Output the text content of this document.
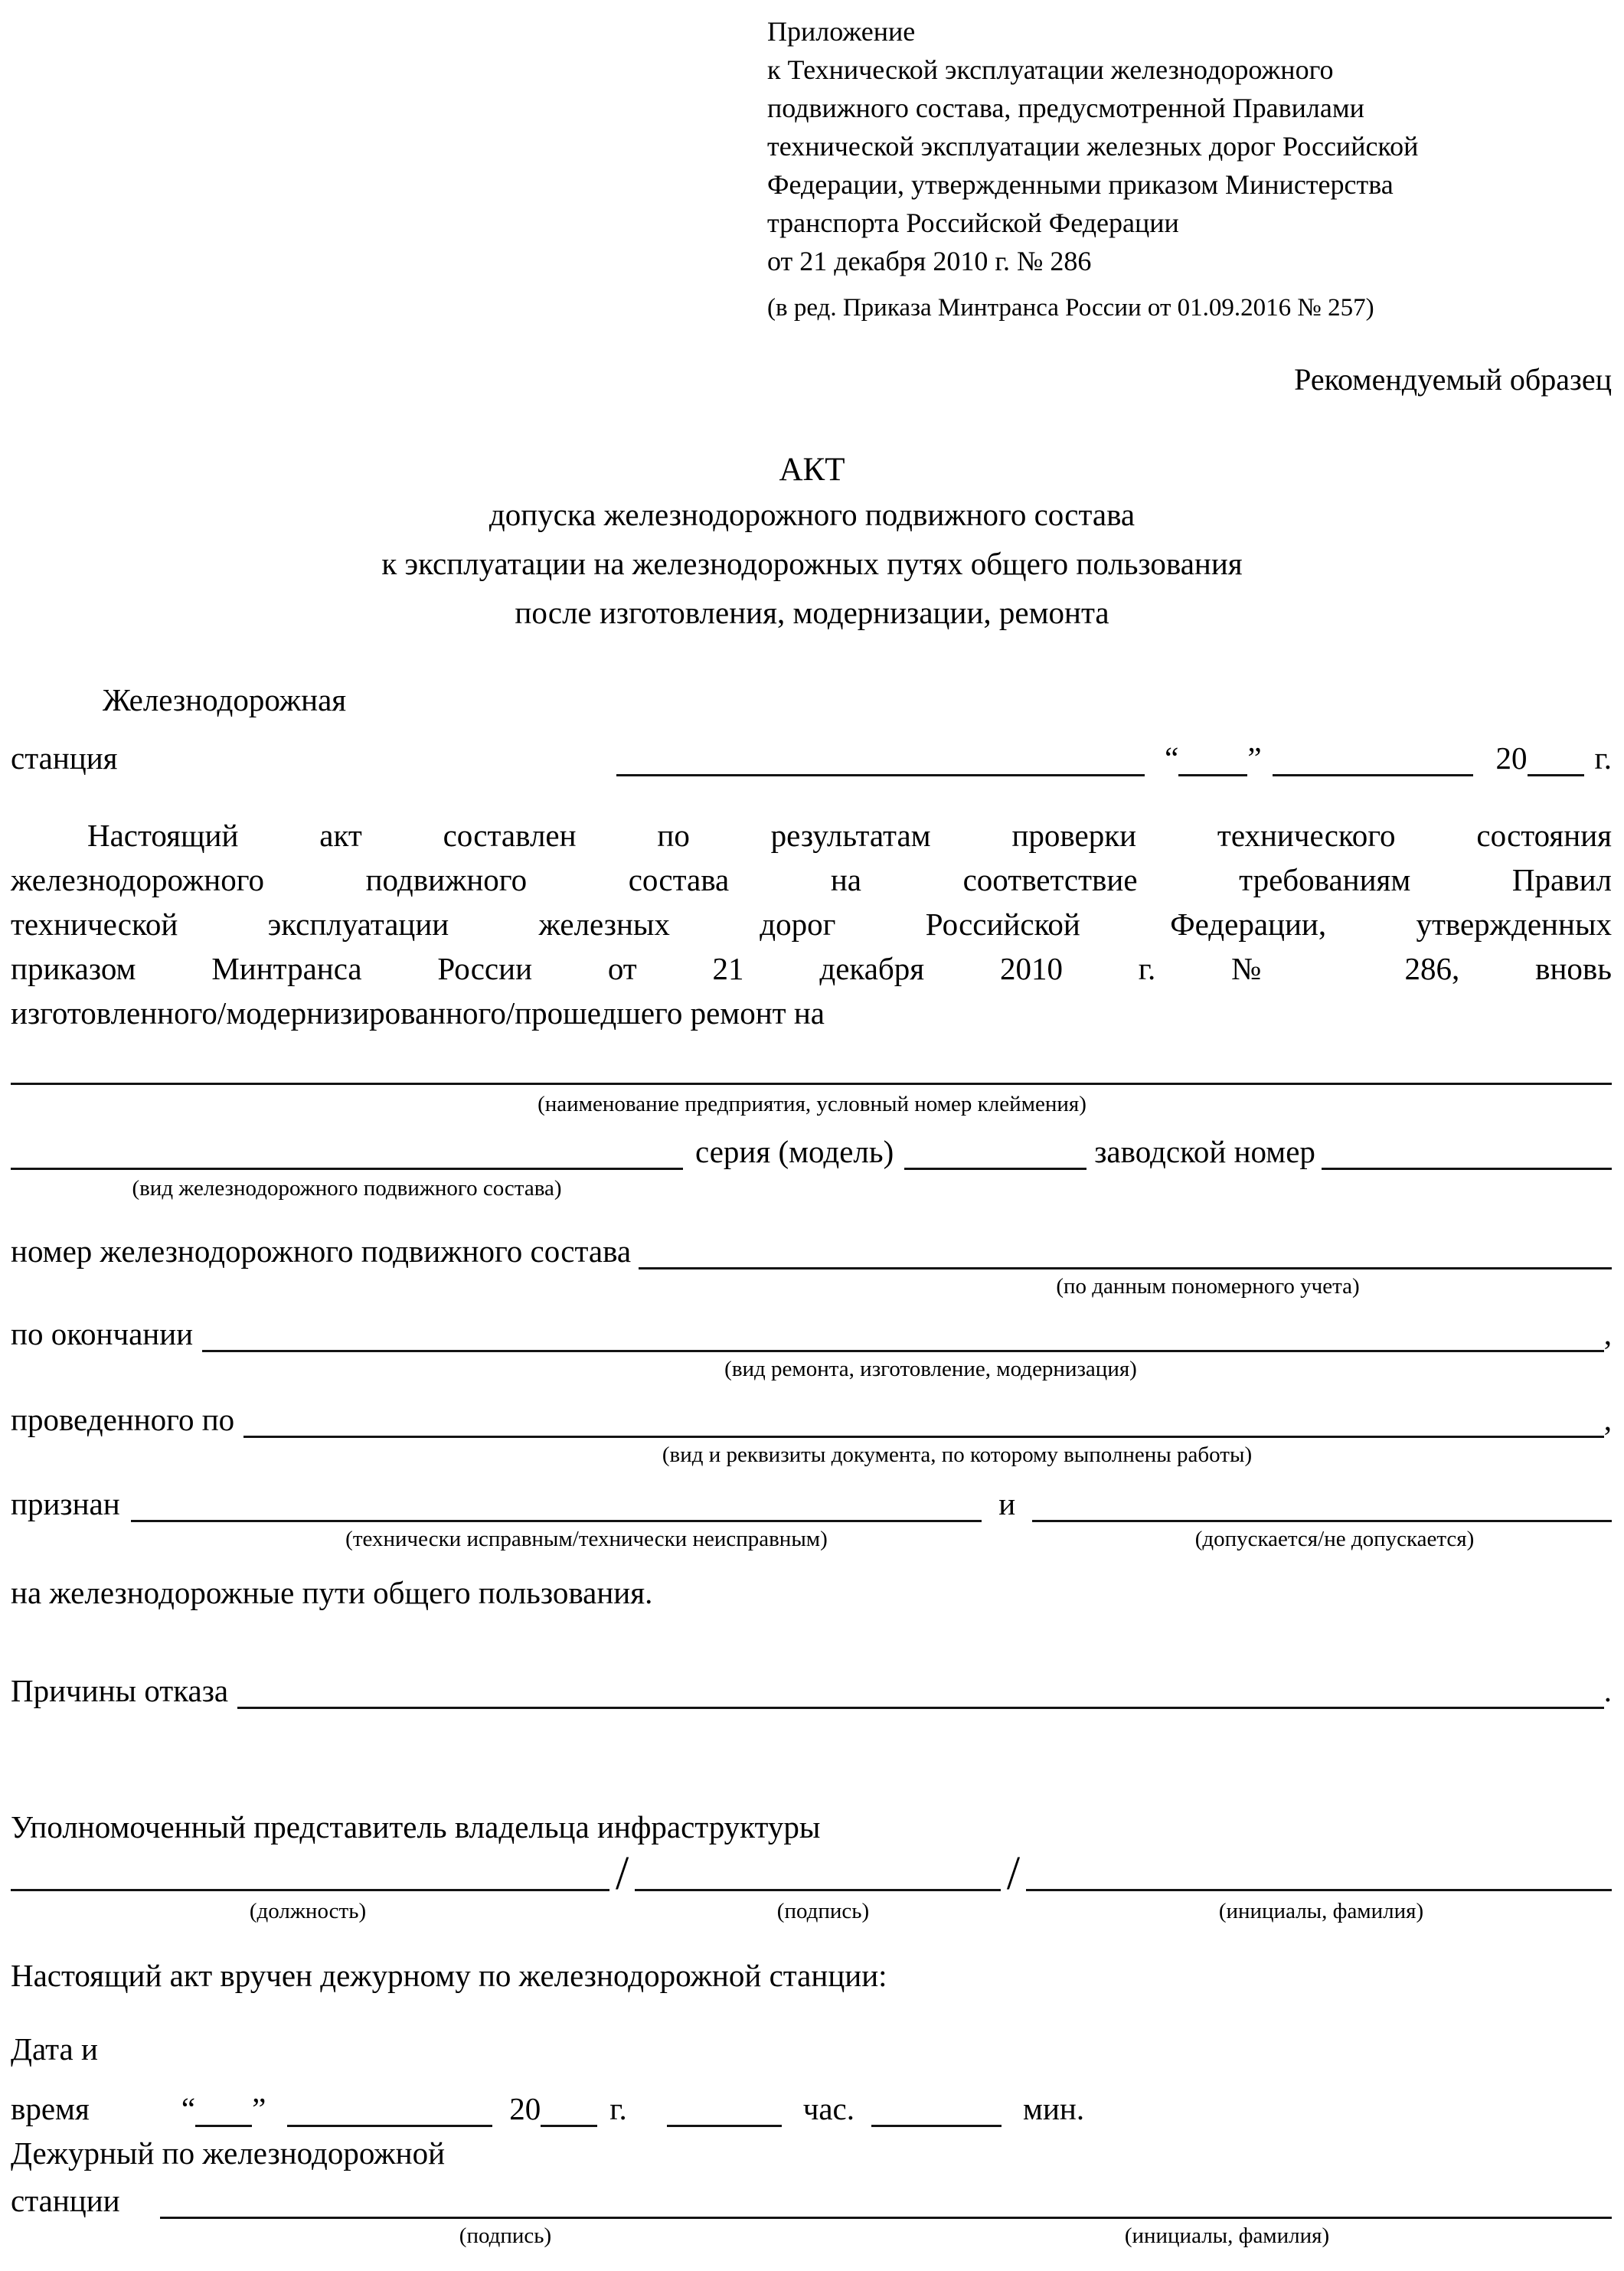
Приложение
к Технической эксплуатации железнодорожного
подвижного состава, предусмотренной Правилами
технической эксплуатации железных дорог Российской
Федерации, утвержденными приказом Министерства
транспорта Российской Федерации
от 21 декабря 2010 г. № 286
(в ред. Приказа Минтранса России от 01.09.2016 № 257)
Рекомендуемый образец
АКТ
допуска железнодорожного подвижного состава
к эксплуатации на железнодорожных путях общего пользования
после изготовления, модернизации, ремонта
Железнодорожная
станция	“ ”	20 г.
Настоящий акт составлен по результатам проверки технического состояния
железнодорожного подвижного состава на соответствие требованиям Правил
технической эксплуатации железных дорог Российской Федерации, утвержденных
приказом Минтранса России от 21 декабря 2010 г. № 286, вновь
изготовленного/модернизированного/прошедшего ремонт на
(наименование предприятия, условный номер клеймения)
серия (модель)	заводской номер
(вид железнодорожного подвижного состава)
номер железнодорожного подвижного состава
(по данным пономерного учета)
по окончании	,
(вид ремонта, изготовление, модернизация)
проведенного по	,
(вид и реквизиты документа, по которому выполнены работы)
признан	и
(технически исправным/технически неисправным)	(допускается/не допускается)
на железнодорожные пути общего пользования.
Причины отказа	.
Уполномоченный представитель владельца инфраструктуры
/	/
(должность)	(подпись)	(инициалы, фамилия)
Настоящий акт вручен дежурному по железнодорожной станции:
Дата и
время	“ ”	20 г.	час.	мин.
Дежурный по железнодорожной
станции
(подпись)	(инициалы, фамилия)
